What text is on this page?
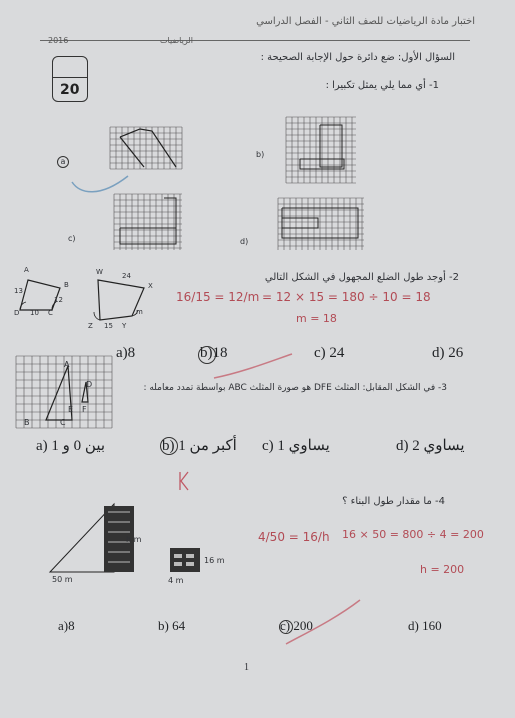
اختبار مادة الرياضيات للصف الثاني - الفصل الدراسي
2016	الرياضيات
20
السؤال الأول: ضع دائرة حول الإجابة الصحيحة :
1- أي مما يلي يمثل تكبيرا :
a
b)
c)	d)
2- أوجد طول الضلع المجهول في الشكل التالي
A
B
D	C
13
12
10
W	24
X
m
Z 15 Y
16/15 = 12/m = 12 × 15 = 180 ÷ 10 = 18
m = 18
a)8	b)18	c) 24	d) 26
A
D
E F
B	C
3- في الشكل المقابل: المثلث DFE هو صورة المثلث ABC بواسطة تمدد معامله :
a) بين 0 و 1	b) أكبر من 1 c) يساوي 1	d) يساوي 2
4- ما مقدار طول البناء ؟
h m
50 m
16 m
4 m
4/50 = 16/h 16 × 50 = 800 ÷ 4 = 200
h = 200
a)8	b) 64	c) 200	d) 160
1
